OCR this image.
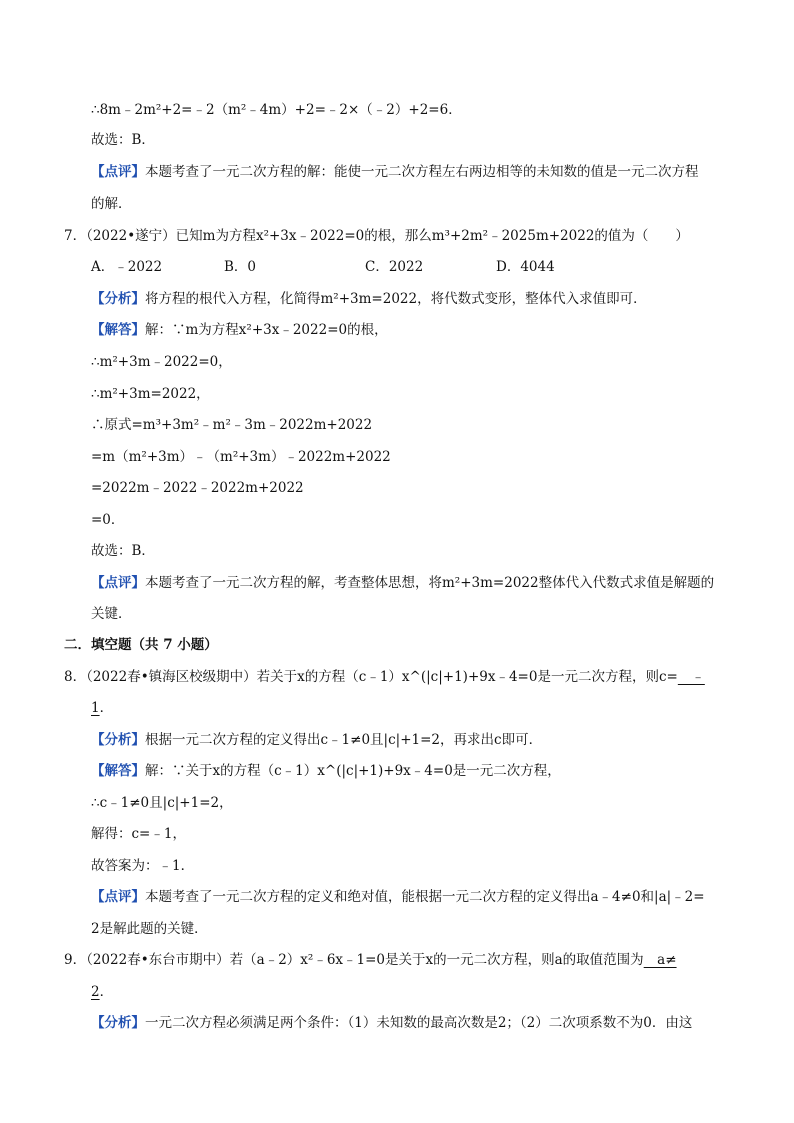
∴8m﹣2m²+2=﹣2（m²﹣4m）+2=﹣2×（﹣2）+2=6．
故选：B．
【点评】本题考查了一元二次方程的解：能使一元二次方程左右两边相等的未知数的值是一元二次方程
的解．
7．（2022•遂宁）已知m为方程x²+3x﹣2022=0的根，那么m³+2m²﹣2025m+2022的值为（　　）
A．﹣2022	B．0	C．2022	D．4044
【分析】将方程的根代入方程，化简得m²+3m=2022，将代数式变形，整体代入求值即可．
【解答】解：∵m为方程x²+3x﹣2022=0的根，
∴m²+3m﹣2022=0，
∴m²+3m=2022，
∴原式=m³+3m²﹣m²﹣3m﹣2022m+2022
=m（m²+3m）﹣（m²+3m）﹣2022m+2022
=2022m﹣2022﹣2022m+2022
=0．
故选：B．
【点评】本题考查了一元二次方程的解，考查整体思想，将m²+3m=2022整体代入代数式求值是解题的
关键．
二．填空题（共 7 小题）
8．（2022春•镇海区校级期中）若关于x的方程（c﹣1）x^(|c|+1)+9x﹣4=0是一元二次方程，则c=　﹣
1．
【分析】根据一元二次方程的定义得出c﹣1≠0且|c|+1=2，再求出c即可．
【解答】解：∵关于x的方程（c﹣1）x^(|c|+1)+9x﹣4=0是一元二次方程，
∴c﹣1≠0且|c|+1=2，
解得：c=﹣1，
故答案为：﹣1．
【点评】本题考查了一元二次方程的定义和绝对值，能根据一元二次方程的定义得出a﹣4≠0和|a|﹣2=
2是解此题的关键．
9．（2022春•东台市期中）若（a﹣2）x²﹣6x﹣1=0是关于x的一元二次方程，则a的取值范围为　a≠
2．
【分析】一元二次方程必须满足两个条件：（1）未知数的最高次数是2；（2）二次项系数不为0．由这
